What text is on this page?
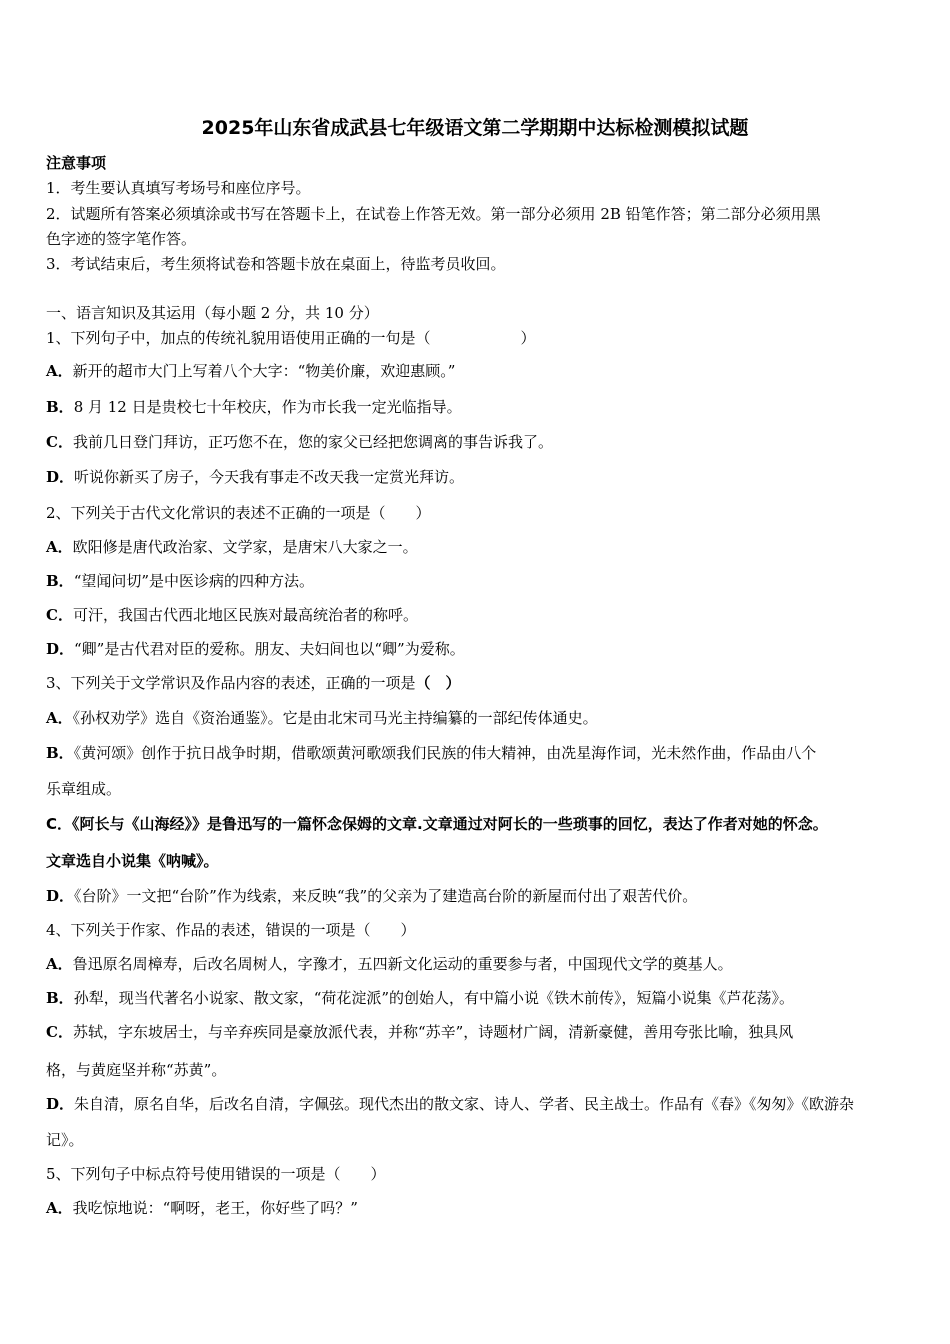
2025年山东省成武县七年级语文第二学期期中达标检测模拟试题
注意事项
1．考生要认真填写考场号和座位序号。
2．试题所有答案必须填涂或书写在答题卡上，在试卷上作答无效。第一部分必须用 2B 铅笔作答；第二部分必须用黑
色字迹的签字笔作答。
3．考试结束后，考生须将试卷和答题卡放在桌面上，待监考员收回。
一、语言知识及其运用（每小题 2 分，共 10 分）
1、下列句子中，加点的传统礼貌用语使用正确的一句是（　　　　　　）
A．新开的超市大门上写着八个大字：“物美价廉，欢迎惠顾。”
B．8 月 12 日是贵校七十年校庆，作为市长我一定光临指导。
C．我前几日登门拜访，正巧您不在，您的家父已经把您调离的事告诉我了。
D．听说你新买了房子，今天我有事走不改天我一定赏光拜访。
2、下列关于古代文化常识的表述不正确的一项是（　　）
A．欧阳修是唐代政治家、文学家，是唐宋八大家之一。
B．“望闻问切”是中医诊病的四种方法。
C．可汗，我国古代西北地区民族对最高统治者的称呼。
D．“卿”是古代君对臣的爱称。朋友、夫妇间也以“卿”为爱称。
3、下列关于文学常识及作品内容的表述，正确的一项是（　）
A．《孙权劝学》选自《资治通鉴》。它是由北宋司马光主持编纂的一部纪传体通史。
B．《黄河颂》创作于抗日战争时期，借歌颂黄河歌颂我们民族的伟大精神，由冼星海作词，光未然作曲，作品由八个
乐章组成。
C．《阿长与《山海经》》是鲁迅写的一篇怀念保姆的文章.文章通过对阿长的一些琐事的回忆，表达了作者对她的怀念。
文章选自小说集《呐喊》。
D．《台阶》一文把“台阶”作为线索，来反映“我”的父亲为了建造高台阶的新屋而付出了艰苦代价。
4、下列关于作家、作品的表述，错误的一项是（　　）
A．鲁迅原名周樟寿，后改名周树人，字豫才，五四新文化运动的重要参与者，中国现代文学的奠基人。
B．孙犁，现当代著名小说家、散文家，“荷花淀派”的创始人，有中篇小说《铁木前传》，短篇小说集《芦花荡》。
C．苏轼，字东坡居士，与辛弃疾同是豪放派代表，并称“苏辛”，诗题材广阔，清新豪健，善用夸张比喻，独具风
格，与黄庭坚并称“苏黄”。
D．朱自清，原名自华，后改名自清，字佩弦。现代杰出的散文家、诗人、学者、民主战士。作品有《春》《匆匆》《欧游杂
记》。
5、下列句子中标点符号使用错误的一项是（　　）
A．我吃惊地说：“啊呀，老王，你好些了吗？”
